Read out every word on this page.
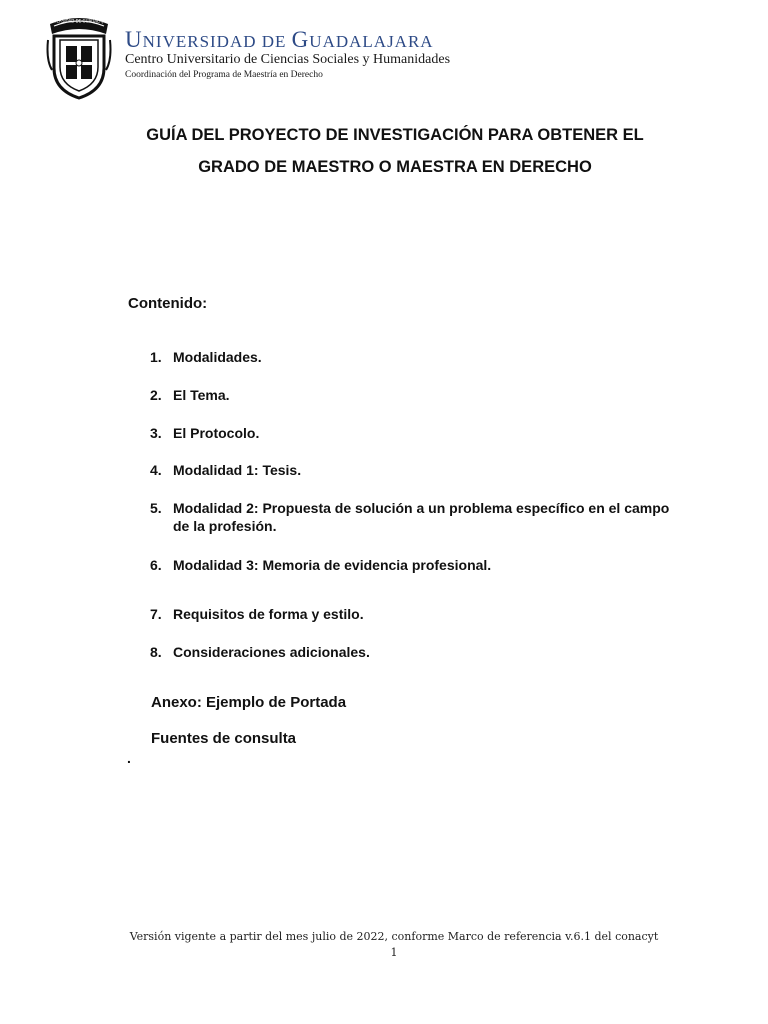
UNIVERSIDAD DE GUADALAJARA
UNIVERSIDAD DE GUADALAJARA
Centro Universitario de Ciencias Sociales y Humanidades
Coordinación del Programa de Maestría en Derecho
GUÍA DEL PROYECTO DE INVESTIGACIÓN PARA OBTENER EL
GRADO DE MAESTRO O MAESTRA EN DERECHO
Contenido:
1. Modalidades.
2. El Tema.
3. El Protocolo.
4. Modalidad 1: Tesis.
5. Modalidad 2: Propuesta de solución a un problema específico en el campo de la profesión.
6. Modalidad 3: Memoria de evidencia profesional.
7. Requisitos de forma y estilo.
8. Consideraciones adicionales.
Anexo: Ejemplo de Portada
Fuentes de consulta
.
Versión vigente a partir del mes julio de 2022, conforme Marco de referencia v.6.1 del conacyt
1
